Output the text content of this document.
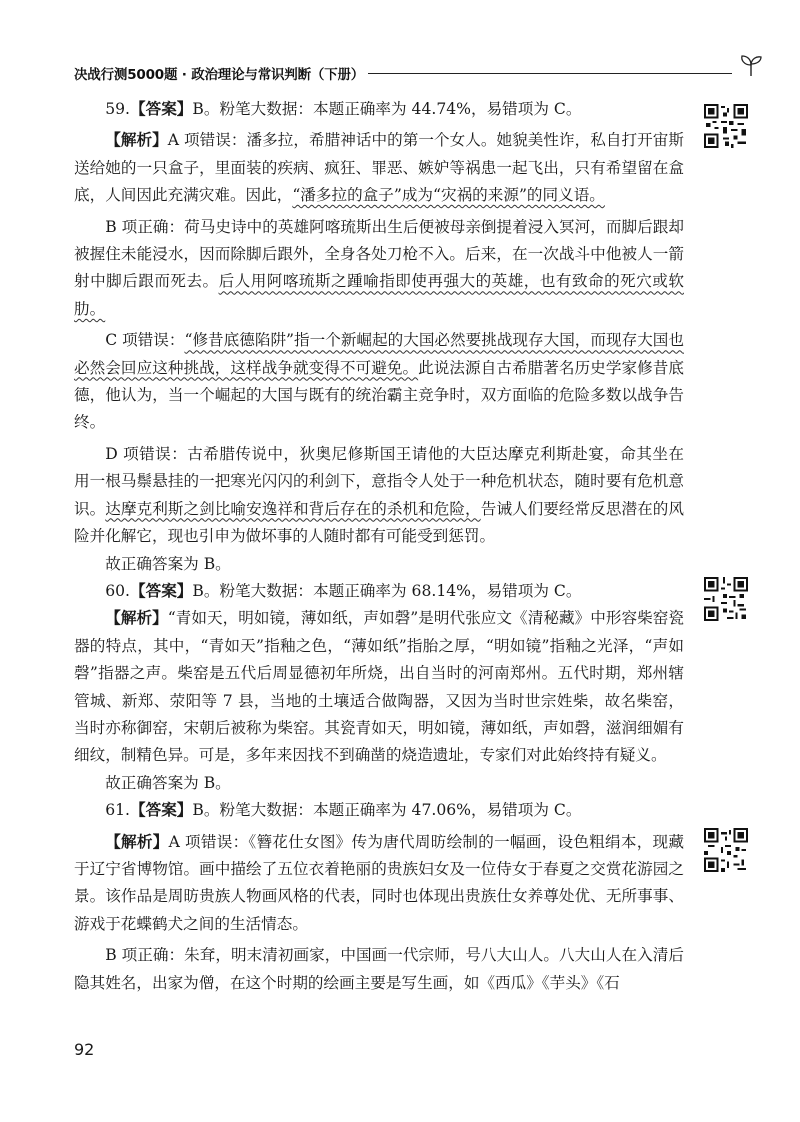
决战行测5000题 · 政治理论与常识判断（下册）

59.【答案】B。粉笔大数据：本题正确率为 44.74%，易错项为 C。

【解析】A 项错误：潘多拉，希腊神话中的第一个女人。她貌美性诈，私自打开宙斯送给她的一只盒子，里面装的疾病、疯狂、罪恶、嫉妒等祸患一起飞出，只有希望留在盒底，人间因此充满灾难。因此，“潘多拉的盒子”成为“灾祸的来源”的同义语。

B 项正确：荷马史诗中的英雄阿喀琉斯出生后便被母亲倒提着浸入冥河，而脚后跟却被握住未能浸水，因而除脚后跟外，全身各处刀枪不入。后来，在一次战斗中他被人一箭射中脚后跟而死去。后人用阿喀琉斯之踵喻指即使再强大的英雄，也有致命的死穴或软肋。

C 项错误：“修昔底德陷阱”指一个新崛起的大国必然要挑战现存大国，而现存大国也必然会回应这种挑战，这样战争就变得不可避免。此说法源自古希腊著名历史学家修昔底德，他认为，当一个崛起的大国与既有的统治霸主竞争时，双方面临的危险多数以战争告终。

D 项错误：古希腊传说中，狄奥尼修斯国王请他的大臣达摩克利斯赴宴，命其坐在用一根马鬃悬挂的一把寒光闪闪的利剑下，意指令人处于一种危机状态，随时要有危机意识。达摩克利斯之剑比喻安逸祥和背后存在的杀机和危险，告诫人们要经常反思潜在的风险并化解它，现也引申为做坏事的人随时都有可能受到惩罚。

故正确答案为 B。

60.【答案】B。粉笔大数据：本题正确率为 68.14%，易错项为 C。

【解析】“青如天，明如镜，薄如纸，声如磬”是明代张应文《清秘藏》中形容柴窑瓷器的特点，其中，“青如天”指釉之色，“薄如纸”指胎之厚，“明如镜”指釉之光泽，“声如磬”指器之声。柴窑是五代后周显德初年所烧，出自当时的河南郑州。五代时期，郑州辖管城、新郑、荥阳等 7 县，当地的土壤适合做陶器，又因为当时世宗姓柴，故名柴窑，当时亦称御窑，宋朝后被称为柴窑。其瓷青如天，明如镜，薄如纸，声如磬，滋润细媚有细纹，制精色异。可是，多年来因找不到确凿的烧造遗址，专家们对此始终持有疑义。

故正确答案为 B。

61.【答案】B。粉笔大数据：本题正确率为 47.06%，易错项为 C。

【解析】A 项错误：《簪花仕女图》传为唐代周昉绘制的一幅画，设色粗绢本，现藏于辽宁省博物馆。画中描绘了五位衣着艳丽的贵族妇女及一位侍女于春夏之交赏花游园之景。该作品是周昉贵族人物画风格的代表，同时也体现出贵族仕女养尊处优、无所事事、游戏于花蝶鹤犬之间的生活情态。

B 项正确：朱耷，明末清初画家，中国画一代宗师，号八大山人。八大山人在入清后隐其姓名，出家为僧，在这个时期的绘画主要是写生画，如《西瓜》《芋头》《石

92
